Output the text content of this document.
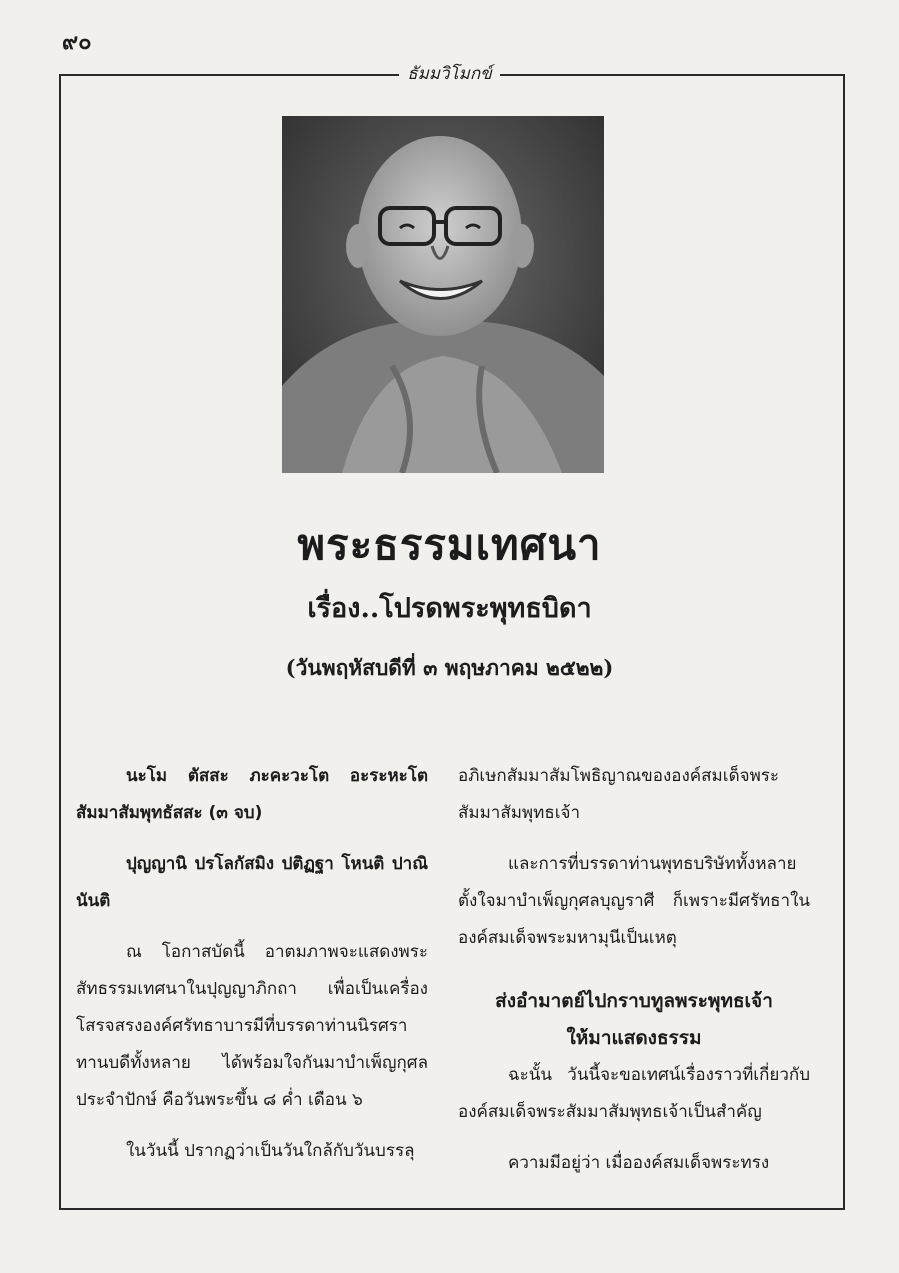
๙๐
ธัมมวิโมกข์
พระธรรมเทศนา
เรื่อง..โปรดพระพุทธบิดา
(วันพฤหัสบดีที่ ๓ พฤษภาคม ๒๕๒๒)

นะโม ตัสสะ ภะคะวะโต อะระหะโต สัมมาสัมพุทธัสสะ (๓ จบ)

ปุญญานิ ปรโลกัสมิง ปติฏฐา โหนติ ปาณินันติ

ณ โอกาสบัดนี้ อาตมภาพจะแสดงพระสัทธรรมเทศนาในปุญญาภิกถา เพื่อเป็นเครื่องโสรจสรงองค์ศรัทธาบารมีที่บรรดาท่านนิรศราทานบดีทั้งหลาย ได้พร้อมใจกันมาบำเพ็ญกุศลประจำปักษ์ คือวันพระขึ้น ๘ ค่ำ เดือน ๖

ในวันนี้ ปรากฏว่าเป็นวันใกล้กับวันบรรลุ

อภิเษกสัมมาสัมโพธิญาณขององค์สมเด็จพระสัมมาสัมพุทธเจ้า

และการที่บรรดาท่านพุทธบริษัททั้งหลายตั้งใจมาบำเพ็ญกุศลบุญราศี ก็เพราะมีศรัทธาในองค์สมเด็จพระมหามุนีเป็นเหตุ

ส่งอำมาตย์ไปกราบทูลพระพุทธเจ้า

ให้มาแสดงธรรม

ฉะนั้น วันนี้จะขอเทศน์เรื่องราวที่เกี่ยวกับองค์สมเด็จพระสัมมาสัมพุทธเจ้าเป็นสำคัญ

ความมีอยู่ว่า เมื่อองค์สมเด็จพระทรง
